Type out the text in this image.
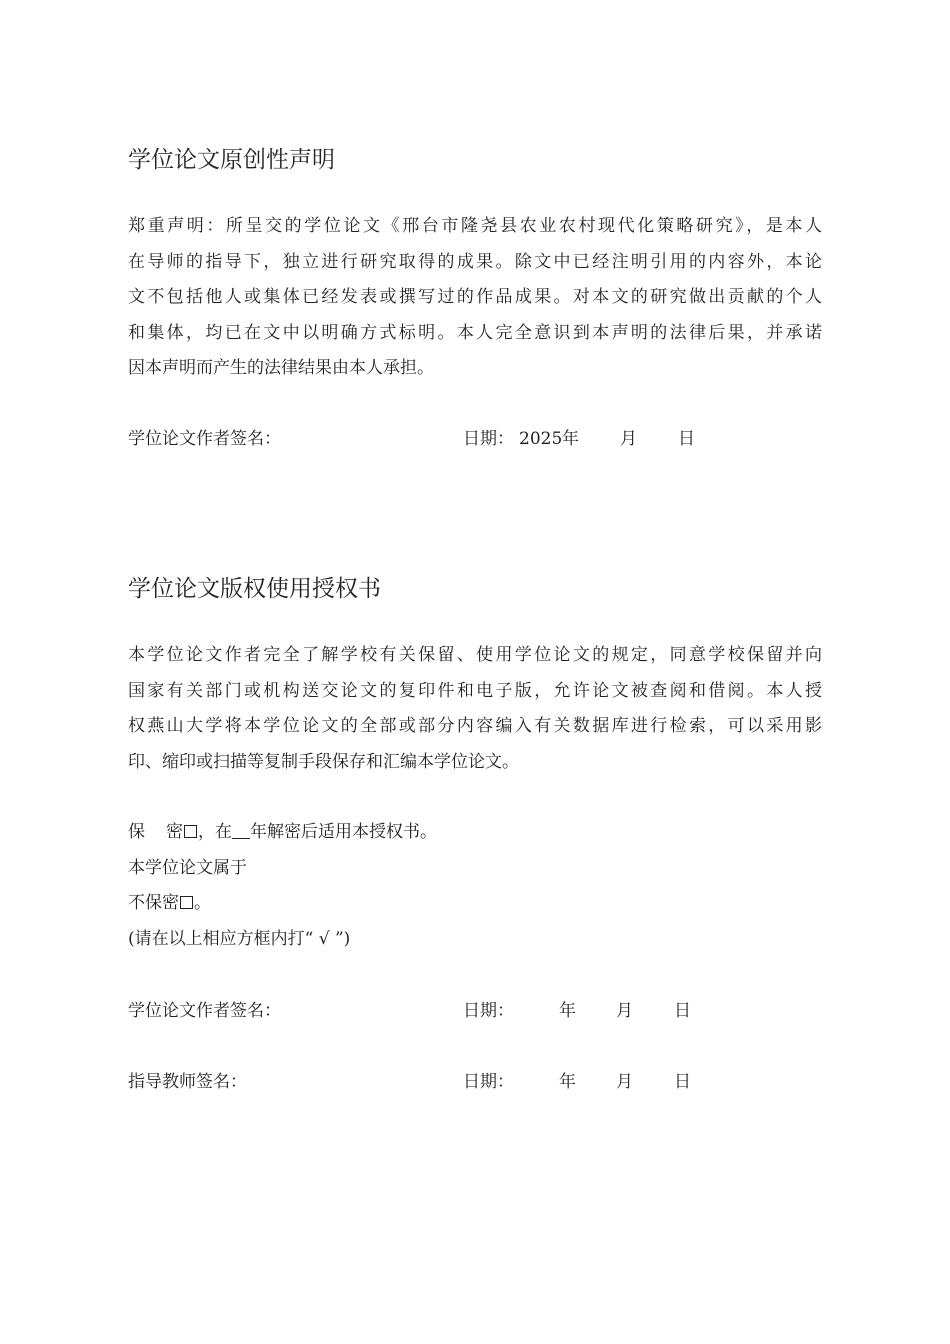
学位论文原创性声明
郑重声明：所呈交的学位论文《邢台市隆尧县农业农村现代化策略研究》，是本人
在导师的指导下，独立进行研究取得的成果。除文中已经注明引用的内容外，本论
文不包括他人或集体已经发表或撰写过的作品成果。对本文的研究做出贡献的个人
和集体，均已在文中以明确方式标明。本人完全意识到本声明的法律后果，并承诺
因本声明而产生的法律结果由本人承担。
学位论文作者签名：	日期： 2025 年 月 日
学位论文版权使用授权书
本学位论文作者完全了解学校有关保留、使用学位论文的规定，同意学校保留并向
国家有关部门或机构送交论文的复印件和电子版，允许论文被查阅和借阅。本人授
权燕山大学将本学位论文的全部或部分内容编入有关数据库进行检索，可以采用影
印、缩印或扫描等复制手段保存和汇编本学位论文。
保 密 ，在 年解密后适用本授权书。
本学位论文属于
不保密 。
(请在以上相应方框内打“ √ ”)
学位论文作者签名：	日期：	年 月 日
指导教师签名：	日期：	年 月 日
